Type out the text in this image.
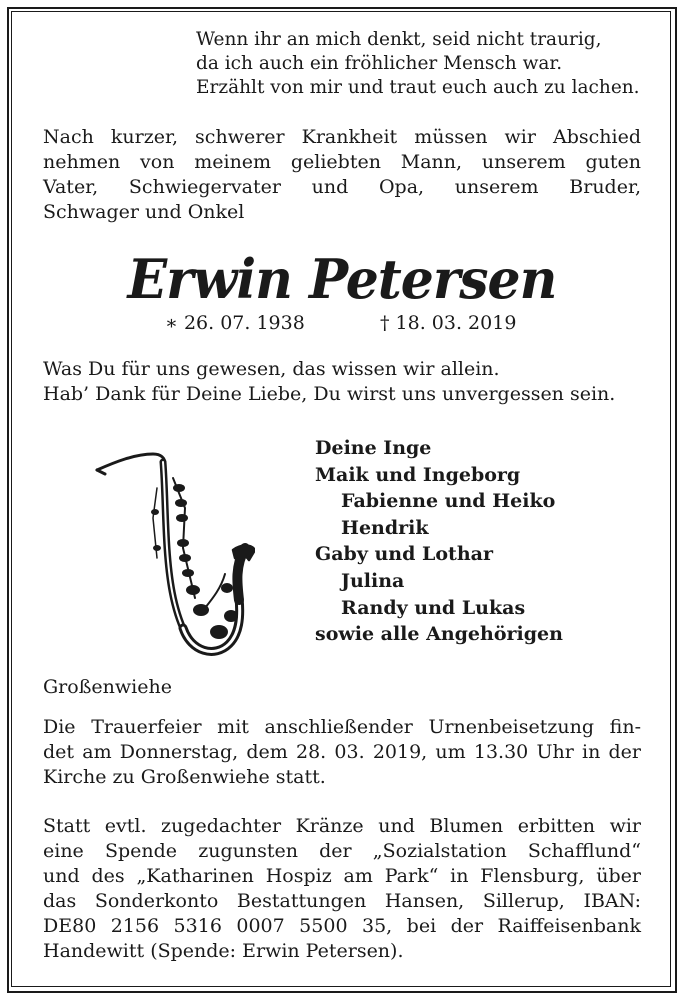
Wenn ihr an mich denkt, seid nicht traurig,
da ich auch ein fröhlicher Mensch war.
Erzählt von mir und traut euch auch zu lachen.
Nach kurzer, schwerer Krankheit müssen wir Abschied
nehmen von meinem geliebten Mann, unserem guten
Vater, Schwiegervater und Opa, unserem Bruder,
Schwager und Onkel
Erwin Petersen
∗ 26. 07. 1938	† 18. 03. 2019
Was Du für uns gewesen, das wissen wir allein.
Hab’ Dank für Deine Liebe, Du wirst uns unvergessen sein.
Deine Inge
Maik und Ingeborg
Fabienne und Heiko
Hendrik
Gaby und Lothar
Julina
Randy und Lukas
sowie alle Angehörigen
Großenwiehe
Die Trauerfeier mit anschließender Urnenbeisetzung fin-
det am Donnerstag, dem 28. 03. 2019, um 13.30 Uhr in der
Kirche zu Großenwiehe statt.
Statt evtl. zugedachter Kränze und Blumen erbitten wir
eine Spende zugunsten der „Sozialstation Schafflund“
und des „Katharinen Hospiz am Park“ in Flensburg, über
das Sonderkonto Bestattungen Hansen, Sillerup, IBAN:
DE80 2156 5316 0007 5500 35, bei der Raiffeisenbank
Handewitt (Spende: Erwin Petersen).
